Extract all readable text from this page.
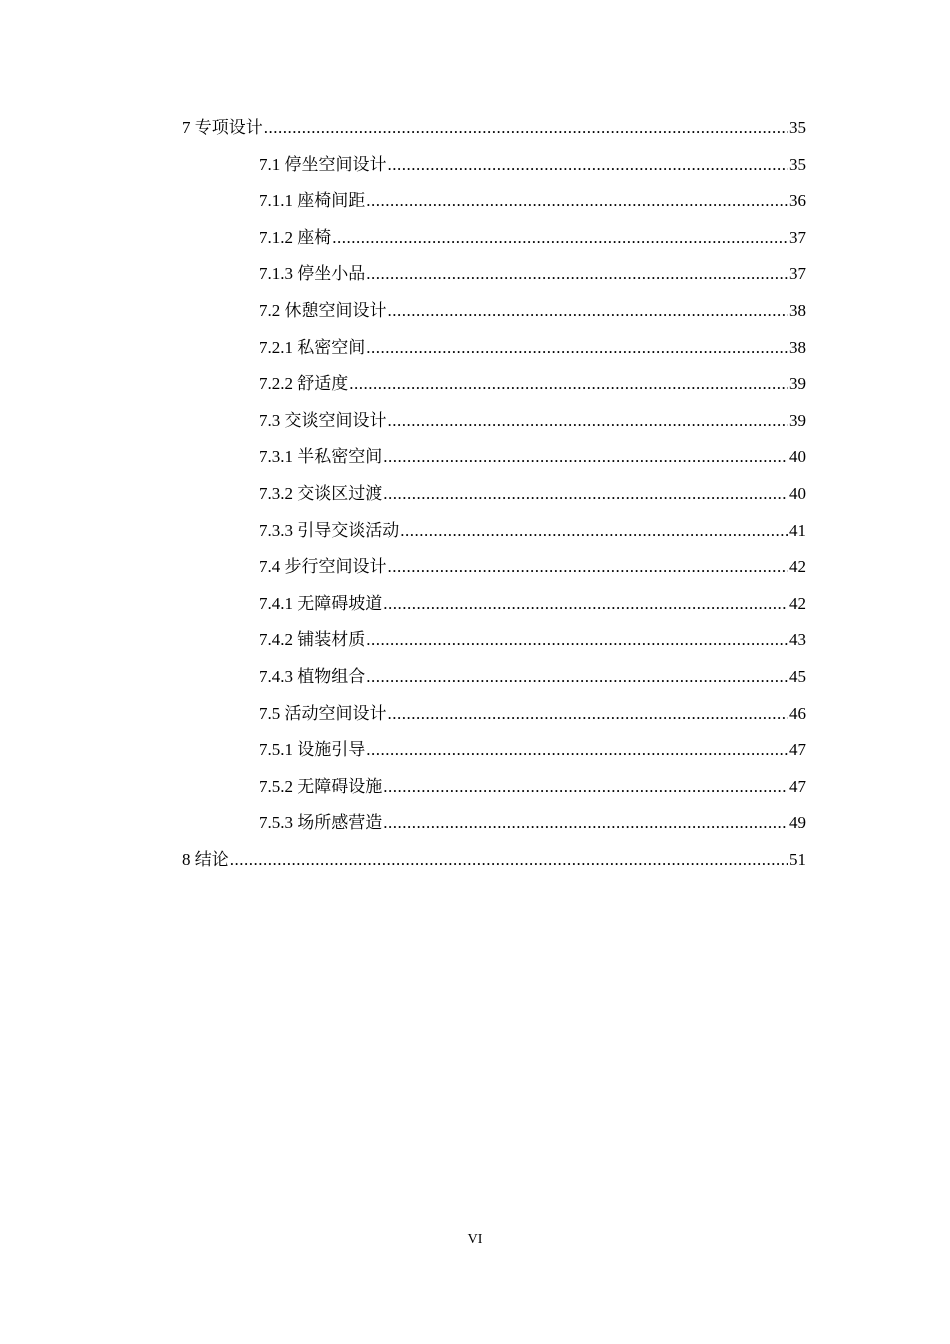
7 专项设计 .....	35
7.1 停坐空间设计 .....	35
7.1.1 座椅间距 .....	36
7.1.2 座椅 .....	37
7.1.3 停坐小品 .....	37
7.2 休憩空间设计 .....	38
7.2.1 私密空间 .....	38
7.2.2 舒适度 .....	39
7.3 交谈空间设计 .....	39
7.3.1 半私密空间 .....	40
7.3.2 交谈区过渡 .....	40
7.3.3 引导交谈活动 .....	41
7.4 步行空间设计 .....	42
7.4.1 无障碍坡道 .....	42
7.4.2 铺装材质 .....	43
7.4.3 植物组合 .....	45
7.5 活动空间设计 .....	46
7.5.1 设施引导 .....	47
7.5.2 无障碍设施 .....	47
7.5.3 场所感营造 .....	49
8 结论 .....	51
VI
